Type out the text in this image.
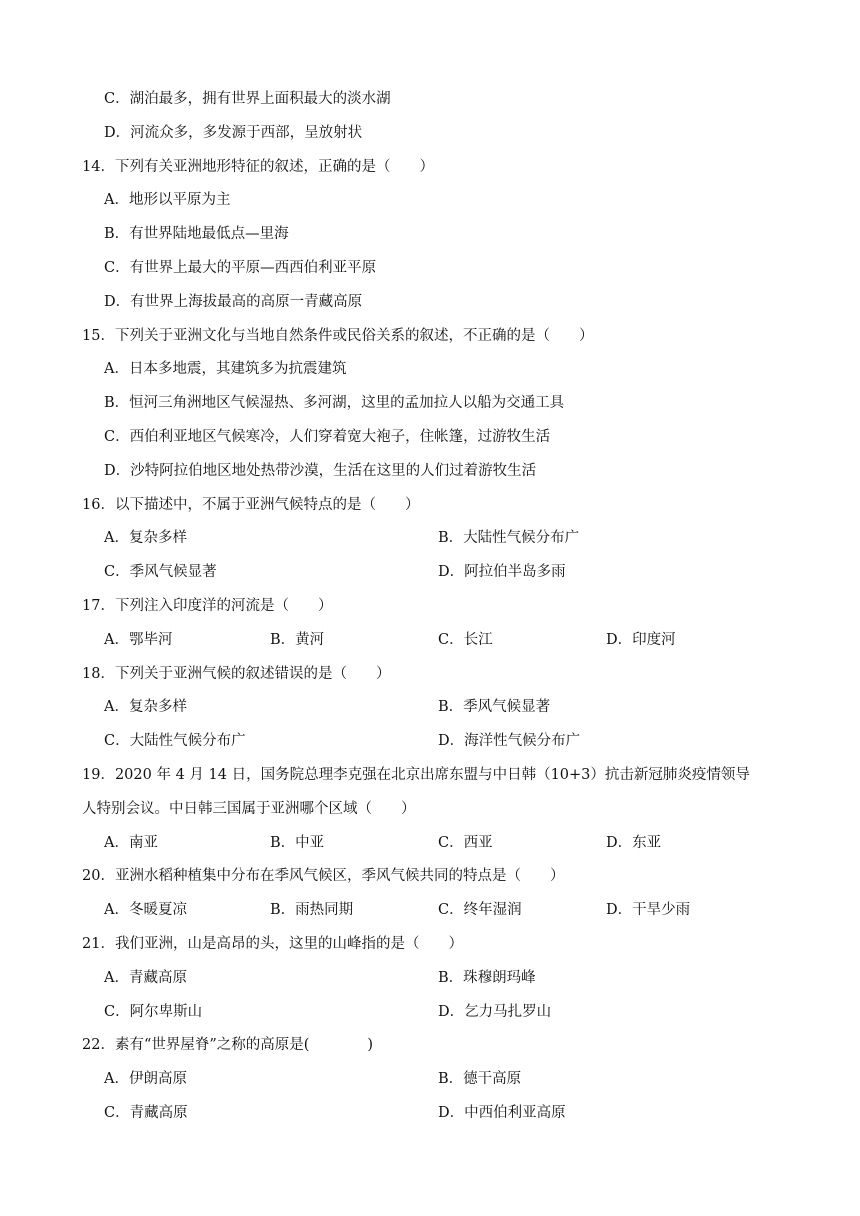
C．湖泊最多，拥有世界上面积最大的淡水湖
D．河流众多，多发源于西部，呈放射状
14．下列有关亚洲地形特征的叙述，正确的是（　　）
A．地形以平原为主
B．有世界陆地最低点—里海
C．有世界上最大的平原—西西伯利亚平原
D．有世界上海拔最高的高原一青藏高原
15．下列关于亚洲文化与当地自然条件或民俗关系的叙述，不正确的是（　　）
A．日本多地震，其建筑多为抗震建筑
B．恒河三角洲地区气候湿热、多河湖，这里的孟加拉人以船为交通工具
C．西伯利亚地区气候寒冷，人们穿着宽大袍子，住帐篷，过游牧生活
D．沙特阿拉伯地区地处热带沙漠，生活在这里的人们过着游牧生活
16．以下描述中，不属于亚洲气候特点的是（　　）
A．复杂多样	B．大陆性气候分布广
C．季风气候显著	D．阿拉伯半岛多雨
17．下列注入印度洋的河流是（　　）
A．鄂毕河	B．黄河	C．长江	D．印度河
18．下列关于亚洲气候的叙述错误的是（　　）
A．复杂多样	B．季风气候显著
C．大陆性气候分布广	D．海洋性气候分布广
19．2020 年 4 月 14 日，国务院总理李克强在北京出席东盟与中日韩（10+3）抗击新冠肺炎疫情领导
人特别会议。中日韩三国属于亚洲哪个区域（　　）
A．南亚	B．中亚	C．西亚	D．东亚
20．亚洲水稻种植集中分布在季风气候区，季风气候共同的特点是（　　）
A．冬暖夏凉	B．雨热同期	C．终年湿润	D．干旱少雨
21．我们亚洲，山是高昂的头，这里的山峰指的是（　　）
A．青藏高原	B．珠穆朗玛峰
C．阿尔卑斯山	D．乞力马扎罗山
22．素有“世界屋脊”之称的高原是(　　　　)
A．伊朗高原	B．德干高原
C．青藏高原	D．中西伯利亚高原
